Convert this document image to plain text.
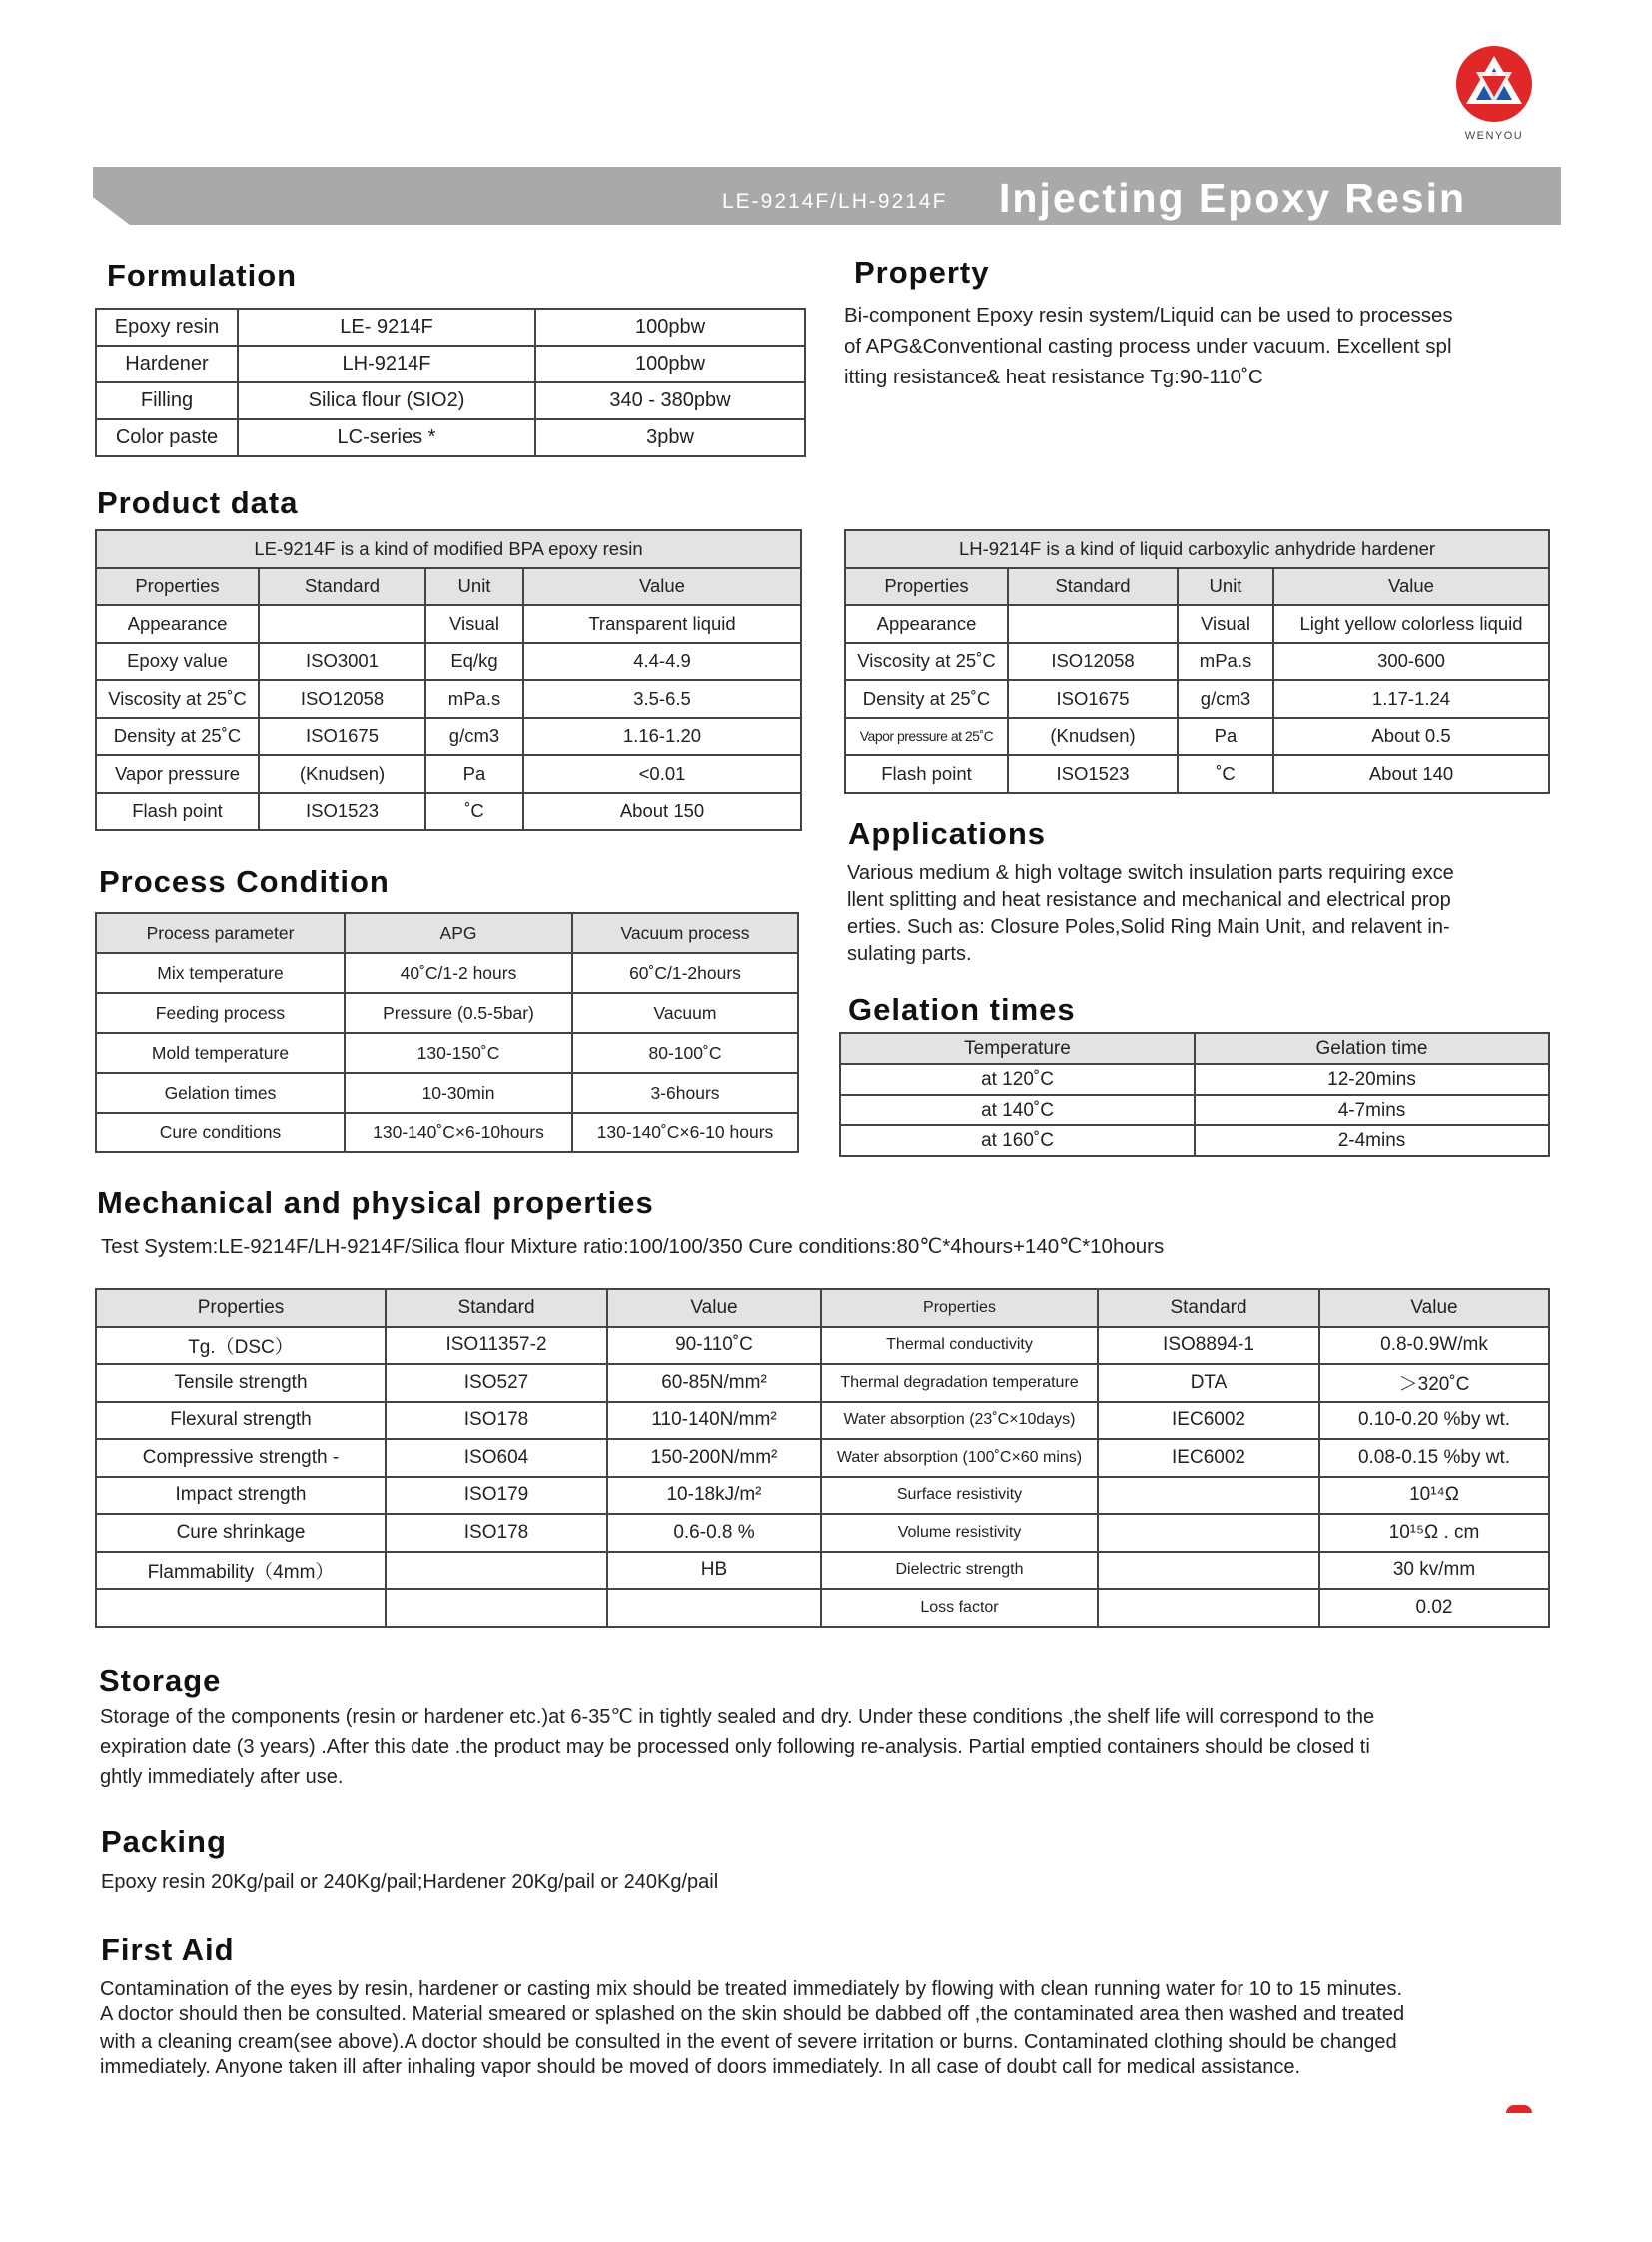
WENYOU
LE-9214F/LH-9214F Injecting Epoxy Resin
Formulation
Epoxy resin	LE- 9214F	100pbw
Hardener	LH-9214F	100pbw
Filling	Silica flour (SIO2)	340 - 380pbw
Color paste	LC-series *	3pbw
Property
Bi-component Epoxy resin system/Liquid can be used to processes
of APG&Conventional casting process under vacuum. Excellent spl
itting resistance& heat resistance Tg:90-110˚C
Product data
LE-9214F is a kind of modified BPA epoxy resin			
Properties	Standard	Unit	Value
Appearance		Visual	Transparent liquid
Epoxy value	ISO3001	Eq/kg	4.4-4.9
Viscosity at 25˚C	ISO12058	mPa.s	3.5-6.5
Density at 25˚C	ISO1675	g/cm3	1.16-1.20
Vapor pressure	(Knudsen)	Pa	<0.01
Flash point	ISO1523	˚C	About 150
LH-9214F is a kind of liquid carboxylic anhydride hardener			
Properties	Standard	Unit	Value
Appearance		Visual	Light yellow colorless liquid
Viscosity at 25˚C	ISO12058	mPa.s	300-600
Density at 25˚C	ISO1675	g/cm3	1.17-1.24
Vapor pressure at 25˚C	(Knudsen)	Pa	About 0.5
Flash point	ISO1523	˚C	About 140
Process Condition
Process parameter	APG	Vacuum process
Mix temperature	40˚C/1-2 hours	60˚C/1-2hours
Feeding process	Pressure (0.5-5bar)	Vacuum
Mold temperature	130-150˚C	80-100˚C
Gelation times	10-30min	3-6hours
Cure conditions	130-140˚C×6-10hours	130-140˚C×6-10 hours
Applications
Various medium & high voltage switch insulation parts requiring exce
llent splitting and heat resistance and mechanical and electrical prop
erties. Such as: Closure Poles,Solid Ring Main Unit, and relavent in-
sulating parts.
Gelation times
Temperature	Gelation time
at 120˚C	12-20mins
at 140˚C	4-7mins
at 160˚C	2-4mins
Mechanical and physical properties
Test System:LE-9214F/LH-9214F/Silica flour Mixture ratio:100/100/350 Cure conditions:80℃*4hours+140℃*10hours
Properties	Standard	Value	Properties	Standard	Value
Tg.（DSC）	ISO11357-2	90-110˚C	Thermal conductivity	ISO8894-1	0.8-0.9W/mk
Tensile strength	ISO527	60-85N/mm²	Thermal degradation temperature	DTA	＞320˚C
Flexural strength	ISO178	110-140N/mm²	Water absorption (23˚C×10days)	IEC6002	0.10-0.20 %by wt.
Compressive strength -	ISO604	150-200N/mm²	Water absorption (100˚C×60 mins)	IEC6002	0.08-0.15 %by wt.
Impact strength	ISO179	10-18kJ/m²	Surface resistivity		10¹⁴Ω
Cure shrinkage	ISO178	0.6-0.8 %	Volume resistivity		10¹⁵Ω . cm
Flammability（4mm）		HB	Dielectric strength		30 kv/mm
			Loss factor		0.02
Storage
Storage of the components (resin or hardener etc.)at 6-35℃ in tightly sealed and dry. Under these conditions ,the shelf life will correspond to the
expiration date (3 years) .After this date .the product may be processed only following re-analysis. Partial emptied containers should be closed ti
ghtly immediately after use.
Packing
Epoxy resin 20Kg/pail or 240Kg/pail;Hardener 20Kg/pail or 240Kg/pail
First Aid
Contamination of the eyes by resin, hardener or casting mix should be treated immediately by flowing with clean running water for 10 to 15 minutes.
A doctor should then be consulted. Material smeared or splashed on the skin should be dabbed off ,the contaminated area then washed and treated
with a cleaning cream(see above).A doctor should be consulted in the event of severe irritation or burns. Contaminated clothing should be changed
immediately. Anyone taken ill after inhaling vapor should be moved of doors immediately. In all case of doubt call for medical assistance.
